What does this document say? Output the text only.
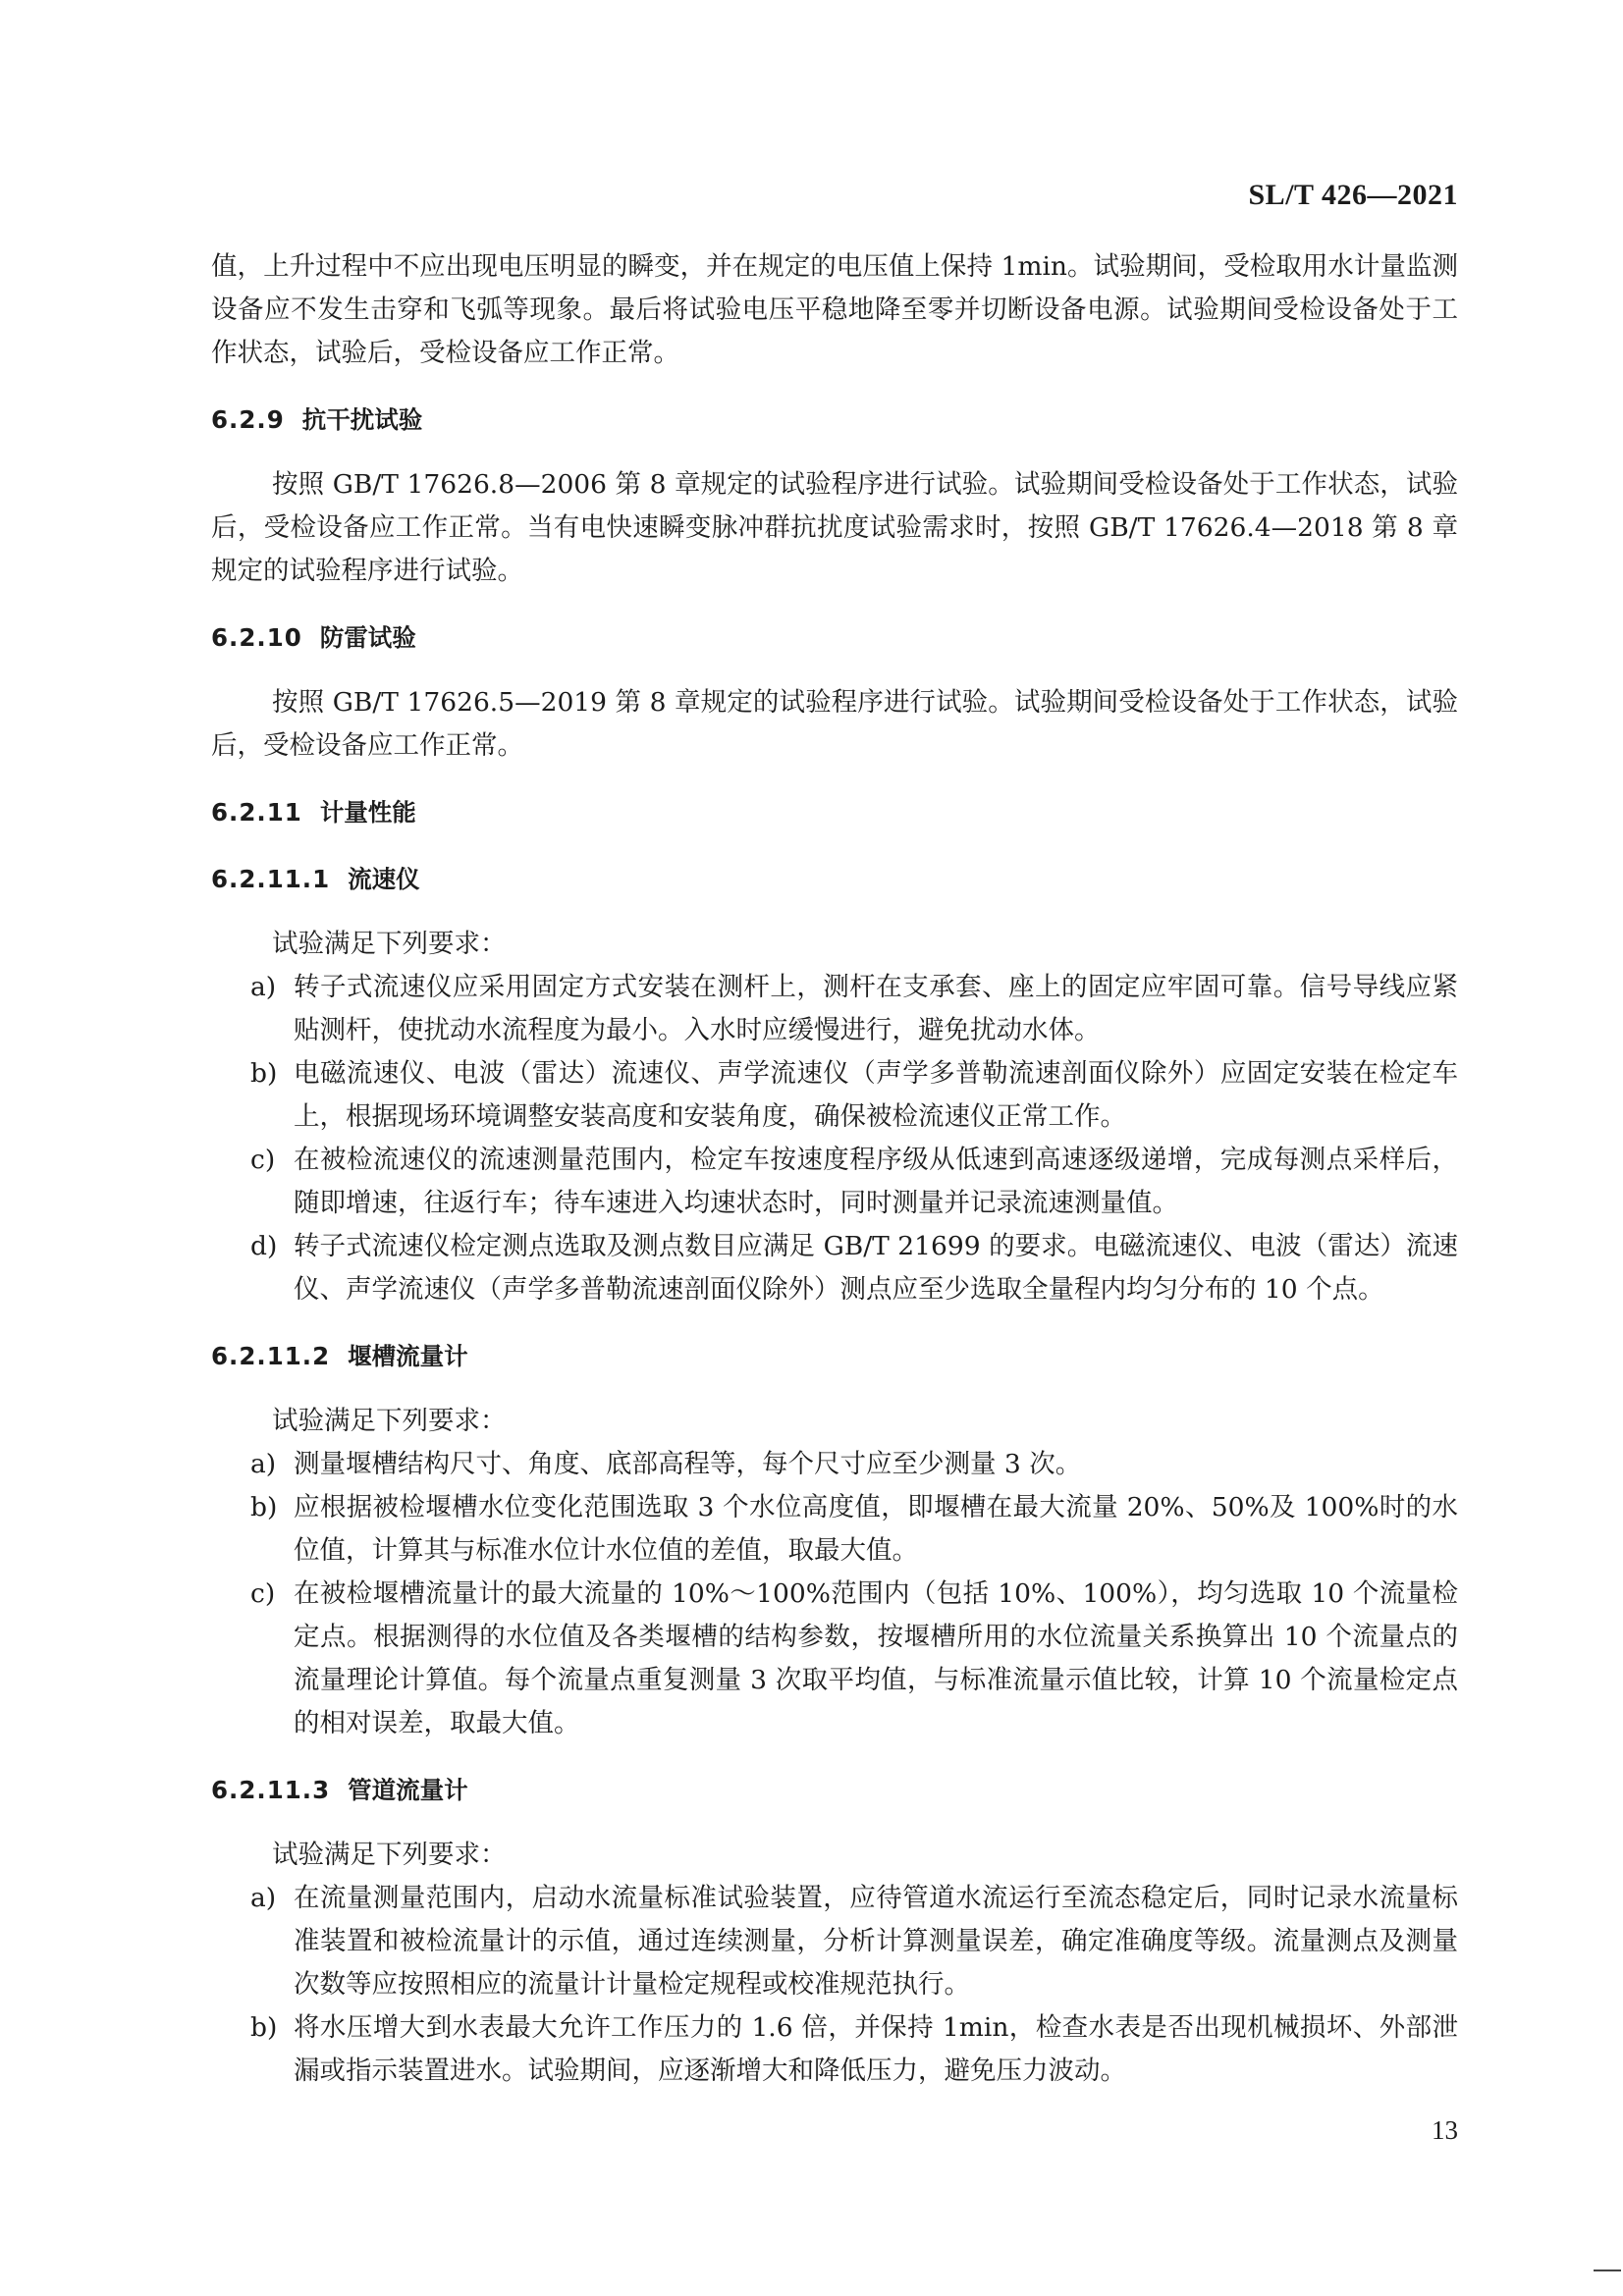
SL/T 426—2021

值，上升过程中不应出现电压明显的瞬变，并在规定的电压值上保持 1min。试验期间，受检取用水计量监测设备应不发生击穿和飞弧等现象。最后将试验电压平稳地降至零并切断设备电源。试验期间受检设备处于工作状态，试验后，受检设备应工作正常。

6.2.9 抗干扰试验

按照 GB/T 17626.8—2006 第 8 章规定的试验程序进行试验。试验期间受检设备处于工作状态，试验后，受检设备应工作正常。当有电快速瞬变脉冲群抗扰度试验需求时，按照 GB/T 17626.4—2018 第 8 章规定的试验程序进行试验。

6.2.10 防雷试验

按照 GB/T 17626.5—2019 第 8 章规定的试验程序进行试验。试验期间受检设备处于工作状态，试验后，受检设备应工作正常。

6.2.11 计量性能
6.2.11.1 流速仪

试验满足下列要求：

a) 转子式流速仪应采用固定方式安装在测杆上，测杆在支承套、座上的固定应牢固可靠。信号导线应紧贴测杆，使扰动水流程度为最小。入水时应缓慢进行，避免扰动水体。
b) 电磁流速仪、电波（雷达）流速仪、声学流速仪（声学多普勒流速剖面仪除外）应固定安装在检定车上，根据现场环境调整安装高度和安装角度，确保被检流速仪正常工作。
c) 在被检流速仪的流速测量范围内，检定车按速度程序级从低速到高速逐级递增，完成每测点采样后，随即增速，往返行车；待车速进入均速状态时，同时测量并记录流速测量值。
d) 转子式流速仪检定测点选取及测点数目应满足 GB/T 21699 的要求。电磁流速仪、电波（雷达）流速仪、声学流速仪（声学多普勒流速剖面仪除外）测点应至少选取全量程内均匀分布的 10 个点。
6.2.11.2 堰槽流量计

试验满足下列要求：

a) 测量堰槽结构尺寸、角度、底部高程等，每个尺寸应至少测量 3 次。
b) 应根据被检堰槽水位变化范围选取 3 个水位高度值，即堰槽在最大流量 20%、50%及 100%时的水位值，计算其与标准水位计水位值的差值，取最大值。
c) 在被检堰槽流量计的最大流量的 10%～100%范围内（包括 10%、100%），均匀选取 10 个流量检定点。根据测得的水位值及各类堰槽的结构参数，按堰槽所用的水位流量关系换算出 10 个流量点的流量理论计算值。每个流量点重复测量 3 次取平均值，与标准流量示值比较，计算 10 个流量检定点的相对误差，取最大值。
6.2.11.3 管道流量计

试验满足下列要求：

a) 在流量测量范围内，启动水流量标准试验装置，应待管道水流运行至流态稳定后，同时记录水流量标准装置和被检流量计的示值，通过连续测量，分析计算测量误差，确定准确度等级。流量测点及测量次数等应按照相应的流量计计量检定规程或校准规范执行。
b) 将水压增大到水表最大允许工作压力的 1.6 倍，并保持 1min，检查水表是否出现机械损坏、外部泄漏或指示装置进水。试验期间，应逐渐增大和降低压力，避免压力波动。
13
